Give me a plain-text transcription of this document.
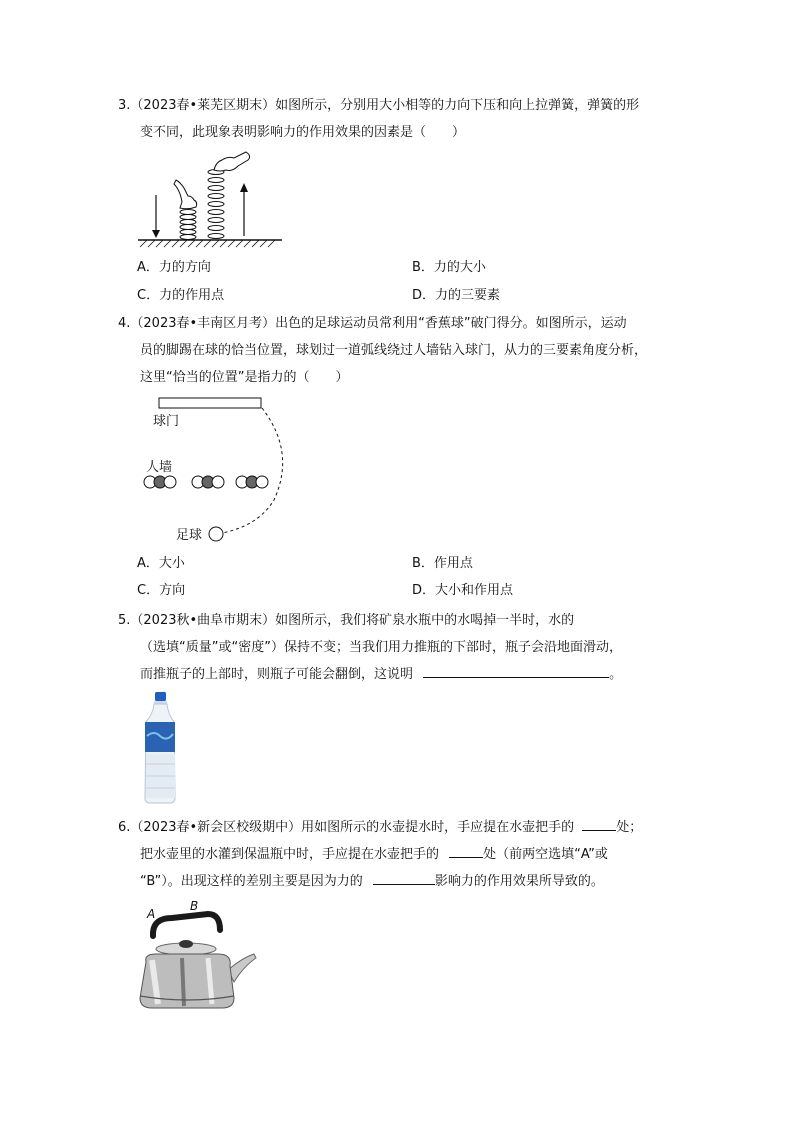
3.（2023春•莱芜区期末）如图所示，分别用大小相等的力向下压和向上拉弹簧，弹簧的形
变不同，此现象表明影响力的作用效果的因素是（　　）
A．力的方向	B．力的大小
C．力的作用点	D．力的三要素
4.（2023春•丰南区月考）出色的足球运动员常利用“香蕉球”破门得分。如图所示，运动
员的脚踢在球的恰当位置，球划过一道弧线绕过人墙钻入球门，从力的三要素角度分析，
这里“恰当的位置”是指力的（　　）
球门
人墙
足球
A．大小	B．作用点
C．方向	D．大小和作用点
5.（2023秋•曲阜市期末）如图所示，我们将矿泉水瓶中的水喝掉一半时，水的
（选填“质量”或“密度”）保持不变；当我们用力推瓶的下部时，瓶子会沿地面滑动，
而推瓶子的上部时，则瓶子可能会翻倒，这说明	。
6.（2023春•新会区校级期中）用如图所示的水壶提水时，手应提在水壶把手的	处；
把水壶里的水灌到保温瓶中时，手应提在水壶把手的	处（前两空选填“A”或
“B”）。出现这样的差别主要是因为力的	影响力的作用效果所导致的。
A
B
